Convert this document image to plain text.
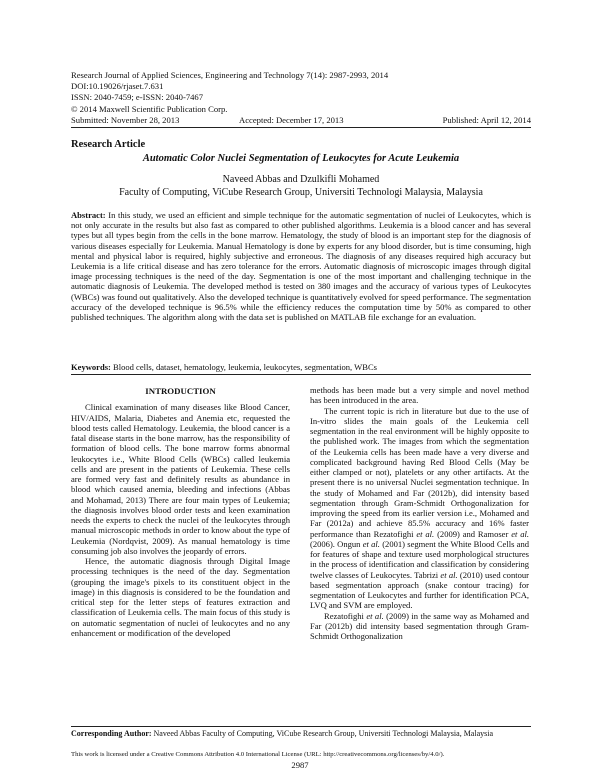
Research Journal of Applied Sciences, Engineering and Technology 7(14): 2987-2993, 2014
DOI:10.19026/rjaset.7.631
ISSN: 2040-7459; e-ISSN: 2040-7467
© 2014 Maxwell Scientific Publication Corp.
Submitted: November 28, 2013	Accepted: December 17, 2013	Published: April 12, 2014
Research Article
Automatic Color Nuclei Segmentation of Leukocytes for Acute Leukemia
Naveed Abbas and Dzulkifli Mohamed
Faculty of Computing, ViCube Research Group, Universiti Technologi Malaysia, Malaysia
Abstract: In this study, we used an efficient and simple technique for the automatic segmentation of nuclei of Leukocytes, which is not only accurate in the results but also fast as compared to other published algorithms. Leukemia is a blood cancer and has several types but all types begin from the cells in the bone marrow. Hematology, the study of blood is an important step for the diagnosis of various diseases especially for Leukemia. Manual Hematology is done by experts for any blood disorder, but is time consuming, high mental and physical labor is required, highly subjective and erroneous. The diagnosis of any diseases required high accuracy but Leukemia is a life critical disease and has zero tolerance for the errors. Automatic diagnosis of microscopic images through digital image processing techniques is the need of the day. Segmentation is one of the most important and challenging technique in the automatic diagnosis of Leukemia. The developed method is tested on 380 images and the accuracy of various types of Leukocytes (WBCs) was found out qualitatively. Also the developed technique is quantitatively evolved for speed performance. The segmentation accuracy of the developed technique is 96.5% while the efficiency reduces the computation time by 50% as compared to other published techniques. The algorithm along with the data set is published on MATLAB file exchange for an evaluation.
Keywords: Blood cells, dataset, hematology, leukemia, leukocytes, segmentation, WBCs

INTRODUCTION

Clinical examination of many diseases like Blood Cancer, HIV/AIDS, Malaria, Diabetes and Anemia etc, requested the blood tests called Hematology. Leukemia, the blood cancer is a fatal disease starts in the bone marrow, has the responsibility of formation of blood cells. The bone marrow forms abnormal leukocytes i.e., White Blood Cells (WBCs) called leukemia cells and are present in the patients of Leukemia. These cells are formed very fast and definitely results as abundance in blood which caused anemia, bleeding and infections (Abbas and Mohamad, 2013) There are four main types of Leukemia; the diagnosis involves blood order tests and keen examination needs the experts to check the nuclei of the leukocytes through manual microscopic methods in order to know about the type of Leukemia (Nordqvist, 2009). As manual hematology is time consuming job also involves the jeopardy of errors.

Hence, the automatic diagnosis through Digital Image processing techniques is the need of the day. Segmentation (grouping the image's pixels to its constituent object in the image) in this diagnosis is considered to be the foundation and critical step for the letter steps of features extraction and classification of Leukemia cells. The main focus of this study is on automatic segmentation of nuclei of leukocytes and no any enhancement or modification of the developed

methods has been made but a very simple and novel method has been introduced in the area.

The current topic is rich in literature but due to the use of In-vitro slides the main goals of the Leukemia cell segmentation in the real environment will be highly opposite to the published work. The images from which the segmentation of the Leukemia cells has been made have a very diverse and complicated background having Red Blood Cells (May be either clamped or not), platelets or any other artifacts. At the present there is no universal Nuclei segmentation technique. In the study of Mohamed and Far (2012b), did intensity based segmentation through Gram-Schmidt Orthogonalization for improving the speed from its earlier version i.e., Mohamed and Far (2012a) and achieve 85.5% accuracy and 16% faster performance than Rezatofighi et al. (2009) and Ramoser et al. (2006). Ongun et al. (2001) segment the White Blood Cells and for features of shape and texture used morphological structures in the process of identification and classification by considering twelve classes of Leukocytes. Tabrizi et al. (2010) used contour based segmentation approach (snake contour tracing) for segmentation of Leukocytes and further for identification PCA, LVQ and SVM are employed.

Rezatofighi et al. (2009) in the same way as Mohamed and Far (2012b) did intensity based segmentation through Gram-Schmidt Orthogonalization

Corresponding Author: Naveed Abbas Faculty of Computing, ViCube Research Group, Universiti Technologi Malaysia, Malaysia
This work is licensed under a Creative Commons Attribution 4.0 International License (URL: http://creativecommons.org/licenses/by/4.0/).
2987
